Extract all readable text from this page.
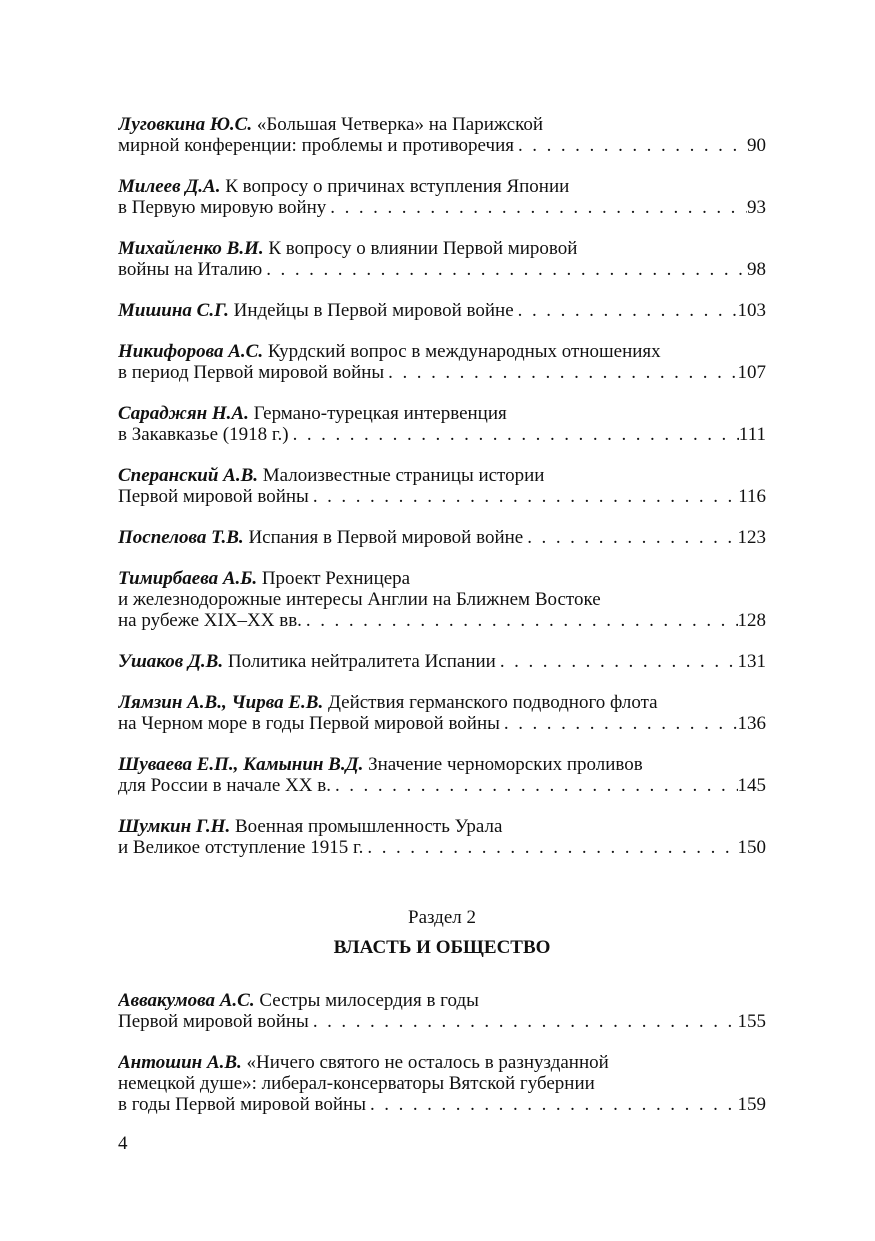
Луговкина Ю.С. «Большая Четверка» на Парижской
мирной конференции: проблемы и противоречия . . .	90
Милеев Д.А. К вопросу о причинах вступления Японии
в Первую мировую войну . . .	93
Михайленко В.И. К вопросу о влиянии Первой мировой
войны на Италию . . .	98
Мишина С.Г. Индейцы в Первой мировой войне . . .	103
Никифорова А.С. Курдский вопрос в международных отношениях
в период Первой мировой войны . . .	107
Сараджян Н.А. Германо-турецкая интервенция
в Закавказье (1918 г.) . . .	111
Сперанский А.В. Малоизвестные страницы истории
Первой мировой войны . . .	116
Поспелова Т.В. Испания в Первой мировой войне . . .	123
Тимирбаева А.Б. Проект Рехницера
и железнодорожные интересы Англии на Ближнем Востоке
на рубеже XIX–XX вв. . . .	128
Ушаков Д.В. Политика нейтралитета Испании . . .	131
Лямзин А.В., Чирва Е.В. Действия германского подводного флота
на Черном море в годы Первой мировой войны . . .	136
Шуваева Е.П., Камынин В.Д. Значение черноморских проливов
для России в начале XX в. . . .	145
Шумкин Г.Н. Военная промышленность Урала
и Великое отступление 1915 г. . . .	150
Раздел 2
ВЛАСТЬ И ОБЩЕСТВО
Аввакумова А.С. Сестры милосердия в годы
Первой мировой войны . . .	155
Антошин А.В. «Ничего святого не осталось в разнузданной
немецкой душе»: либерал-консерваторы Вятской губернии
в годы Первой мировой войны . . .	159
4
